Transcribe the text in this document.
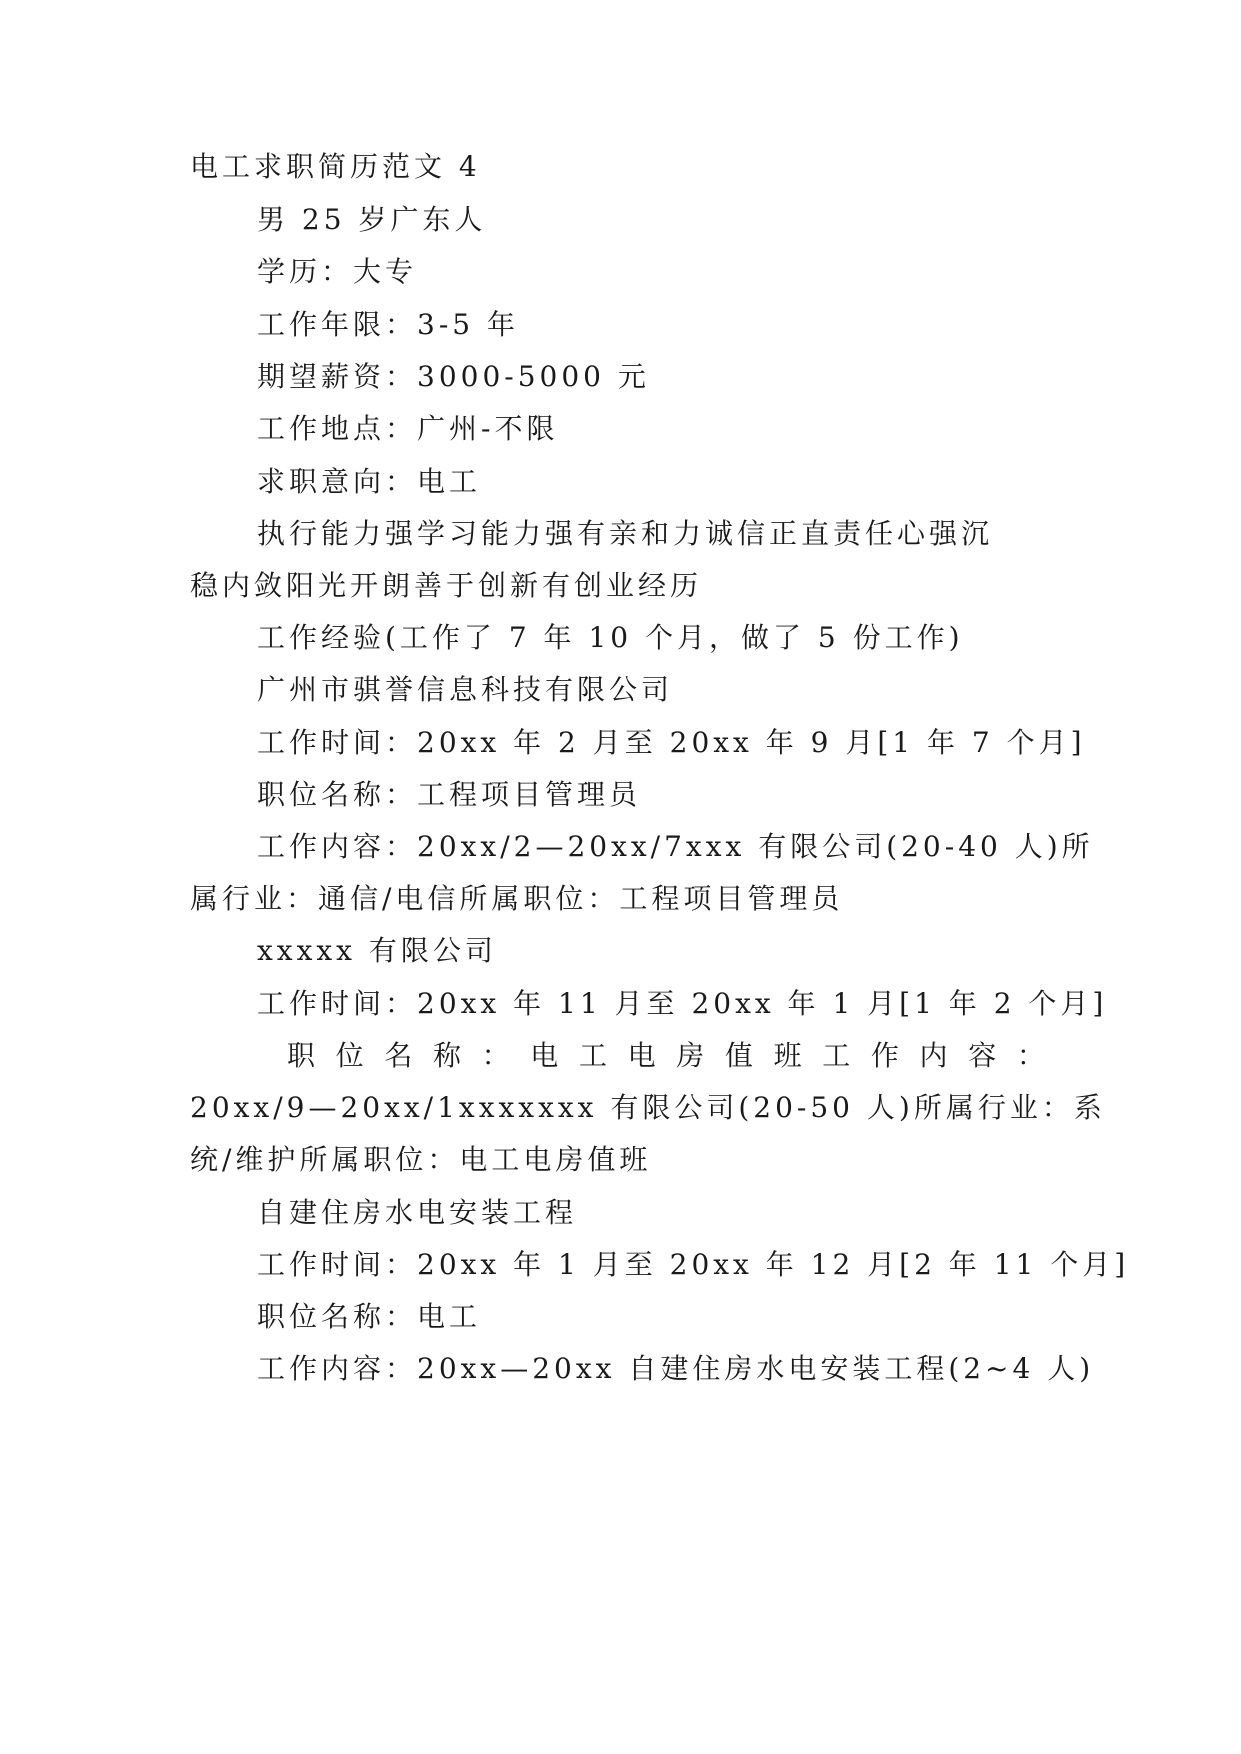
电工求职简历范文 4
男 25 岁广东人
学历：大专
工作年限：3-5 年
期望薪资：3000-5000 元
工作地点：广州-不限
求职意向：电工
执行能力强学习能力强有亲和力诚信正直责任心强沉
稳内敛阳光开朗善于创新有创业经历
工作经验(工作了 7 年 10 个月，做了 5 份工作)
广州市骐誉信息科技有限公司
工作时间：20xx 年 2 月至 20xx 年 9 月[1 年 7 个月]
职位名称：工程项目管理员
工作内容：20xx/2—20xx/7xxx 有限公司(20-40 人)所
属行业：通信/电信所属职位：工程项目管理员
xxxxx 有限公司
工作时间：20xx 年 11 月至 20xx 年 1 月[1 年 2 个月]
职 位 名 称 ： 电 工 电 房 值 班 工 作 内 容 ：
20xx/9—20xx/1xxxxxxx 有限公司(20-50 人)所属行业：系
统/维护所属职位：电工电房值班
自建住房水电安装工程
工作时间：20xx 年 1 月至 20xx 年 12 月[2 年 11 个月]
职位名称：电工
工作内容：20xx—20xx 自建住房水电安装工程(2~4 人)
